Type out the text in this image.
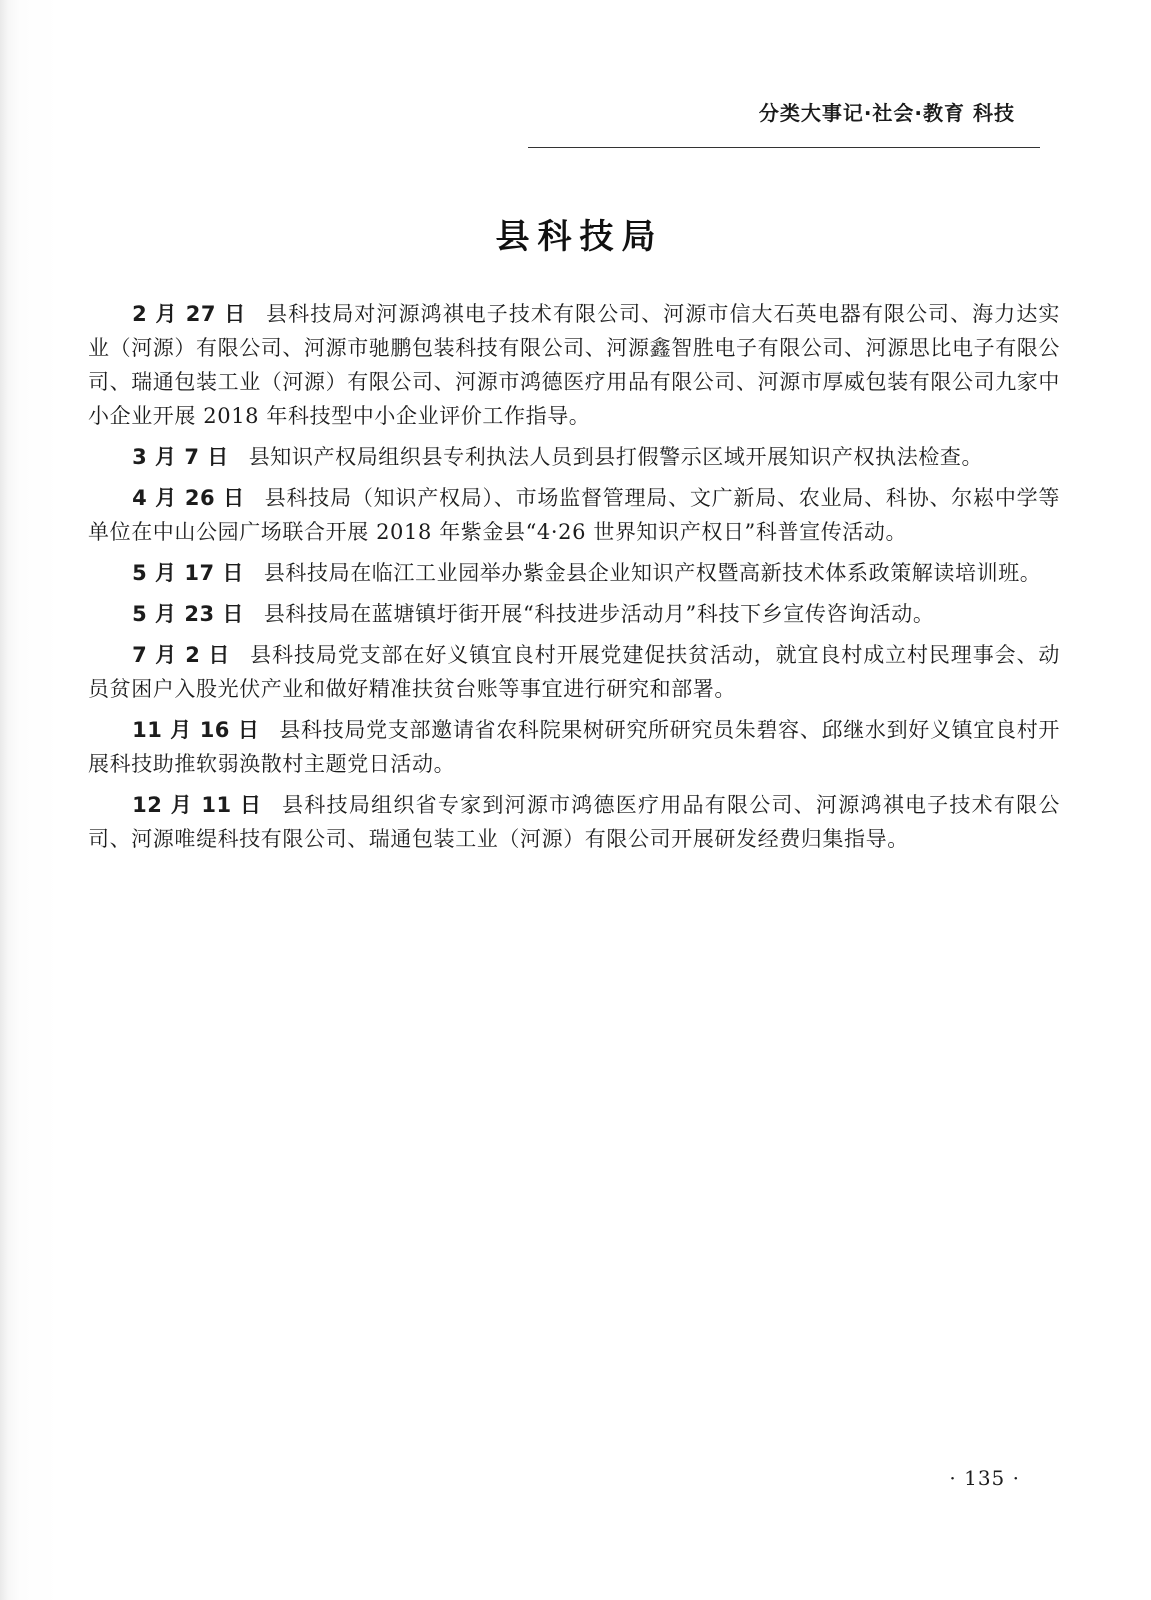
分类大事记·社会·教育 科技
县科技局

2 月 27 日 县科技局对河源鸿祺电子技术有限公司、河源市信大石英电器有限公司、海力达实业（河源）有限公司、河源市驰鹏包装科技有限公司、河源鑫智胜电子有限公司、河源思比电子有限公司、瑞通包装工业（河源）有限公司、河源市鸿德医疗用品有限公司、河源市厚威包装有限公司九家中小企业开展 2018 年科技型中小企业评价工作指导。

3 月 7 日 县知识产权局组织县专利执法人员到县打假警示区域开展知识产权执法检查。

4 月 26 日 县科技局（知识产权局）、市场监督管理局、文广新局、农业局、科协、尔崧中学等单位在中山公园广场联合开展 2018 年紫金县“4·26 世界知识产权日”科普宣传活动。

5 月 17 日 县科技局在临江工业园举办紫金县企业知识产权暨高新技术体系政策解读培训班。

5 月 23 日 县科技局在蓝塘镇圩街开展“科技进步活动月”科技下乡宣传咨询活动。

7 月 2 日 县科技局党支部在好义镇宜良村开展党建促扶贫活动，就宜良村成立村民理事会、动员贫困户入股光伏产业和做好精准扶贫台账等事宜进行研究和部署。

11 月 16 日 县科技局党支部邀请省农科院果树研究所研究员朱碧容、邱继水到好义镇宜良村开展科技助推软弱涣散村主题党日活动。

12 月 11 日 县科技局组织省专家到河源市鸿德医疗用品有限公司、河源鸿祺电子技术有限公司、河源唯缇科技有限公司、瑞通包装工业（河源）有限公司开展研发经费归集指导。

· 135 ·
